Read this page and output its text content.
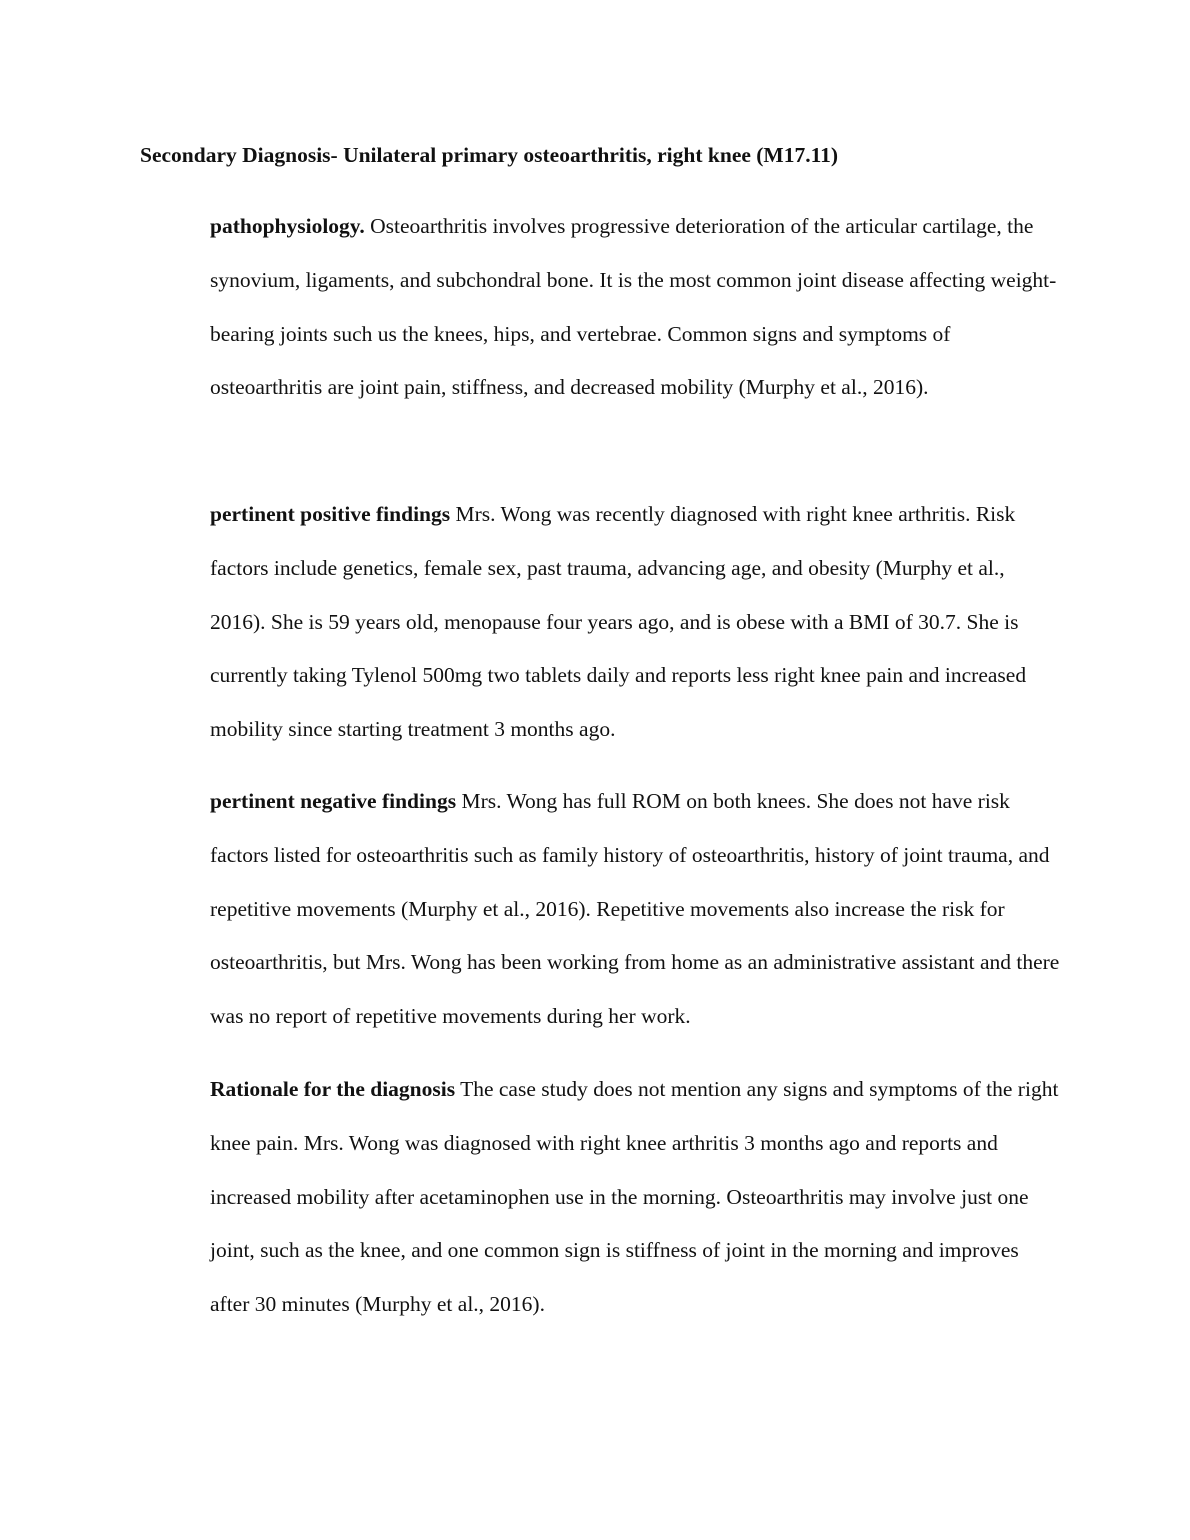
Secondary Diagnosis- Unilateral primary osteoarthritis, right knee (M17.11)

pathophysiology. Osteoarthritis involves progressive deterioration of the articular cartilage, the synovium, ligaments, and subchondral bone. It is the most common joint disease affecting weight-bearing joints such us the knees, hips, and vertebrae. Common signs and symptoms of osteoarthritis are joint pain, stiffness, and decreased mobility (Murphy et al., 2016).

pertinent positive findings Mrs. Wong was recently diagnosed with right knee arthritis. Risk factors include genetics, female sex, past trauma, advancing age, and obesity (Murphy et al., 2016). She is 59 years old, menopause four years ago, and is obese with a BMI of 30.7. She is currently taking Tylenol 500mg two tablets daily and reports less right knee pain and increased mobility since starting treatment 3 months ago.

pertinent negative findings Mrs. Wong has full ROM on both knees. She does not have risk factors listed for osteoarthritis such as family history of osteoarthritis, history of joint trauma, and repetitive movements (Murphy et al., 2016). Repetitive movements also increase the risk for osteoarthritis, but Mrs. Wong has been working from home as an administrative assistant and there was no report of repetitive movements during her work.

Rationale for the diagnosis The case study does not mention any signs and symptoms of the right knee pain. Mrs. Wong was diagnosed with right knee arthritis 3 months ago and reports and increased mobility after acetaminophen use in the morning. Osteoarthritis may involve just one joint, such as the knee, and one common sign is stiffness of joint in the morning and improves after 30 minutes (Murphy et al., 2016).
